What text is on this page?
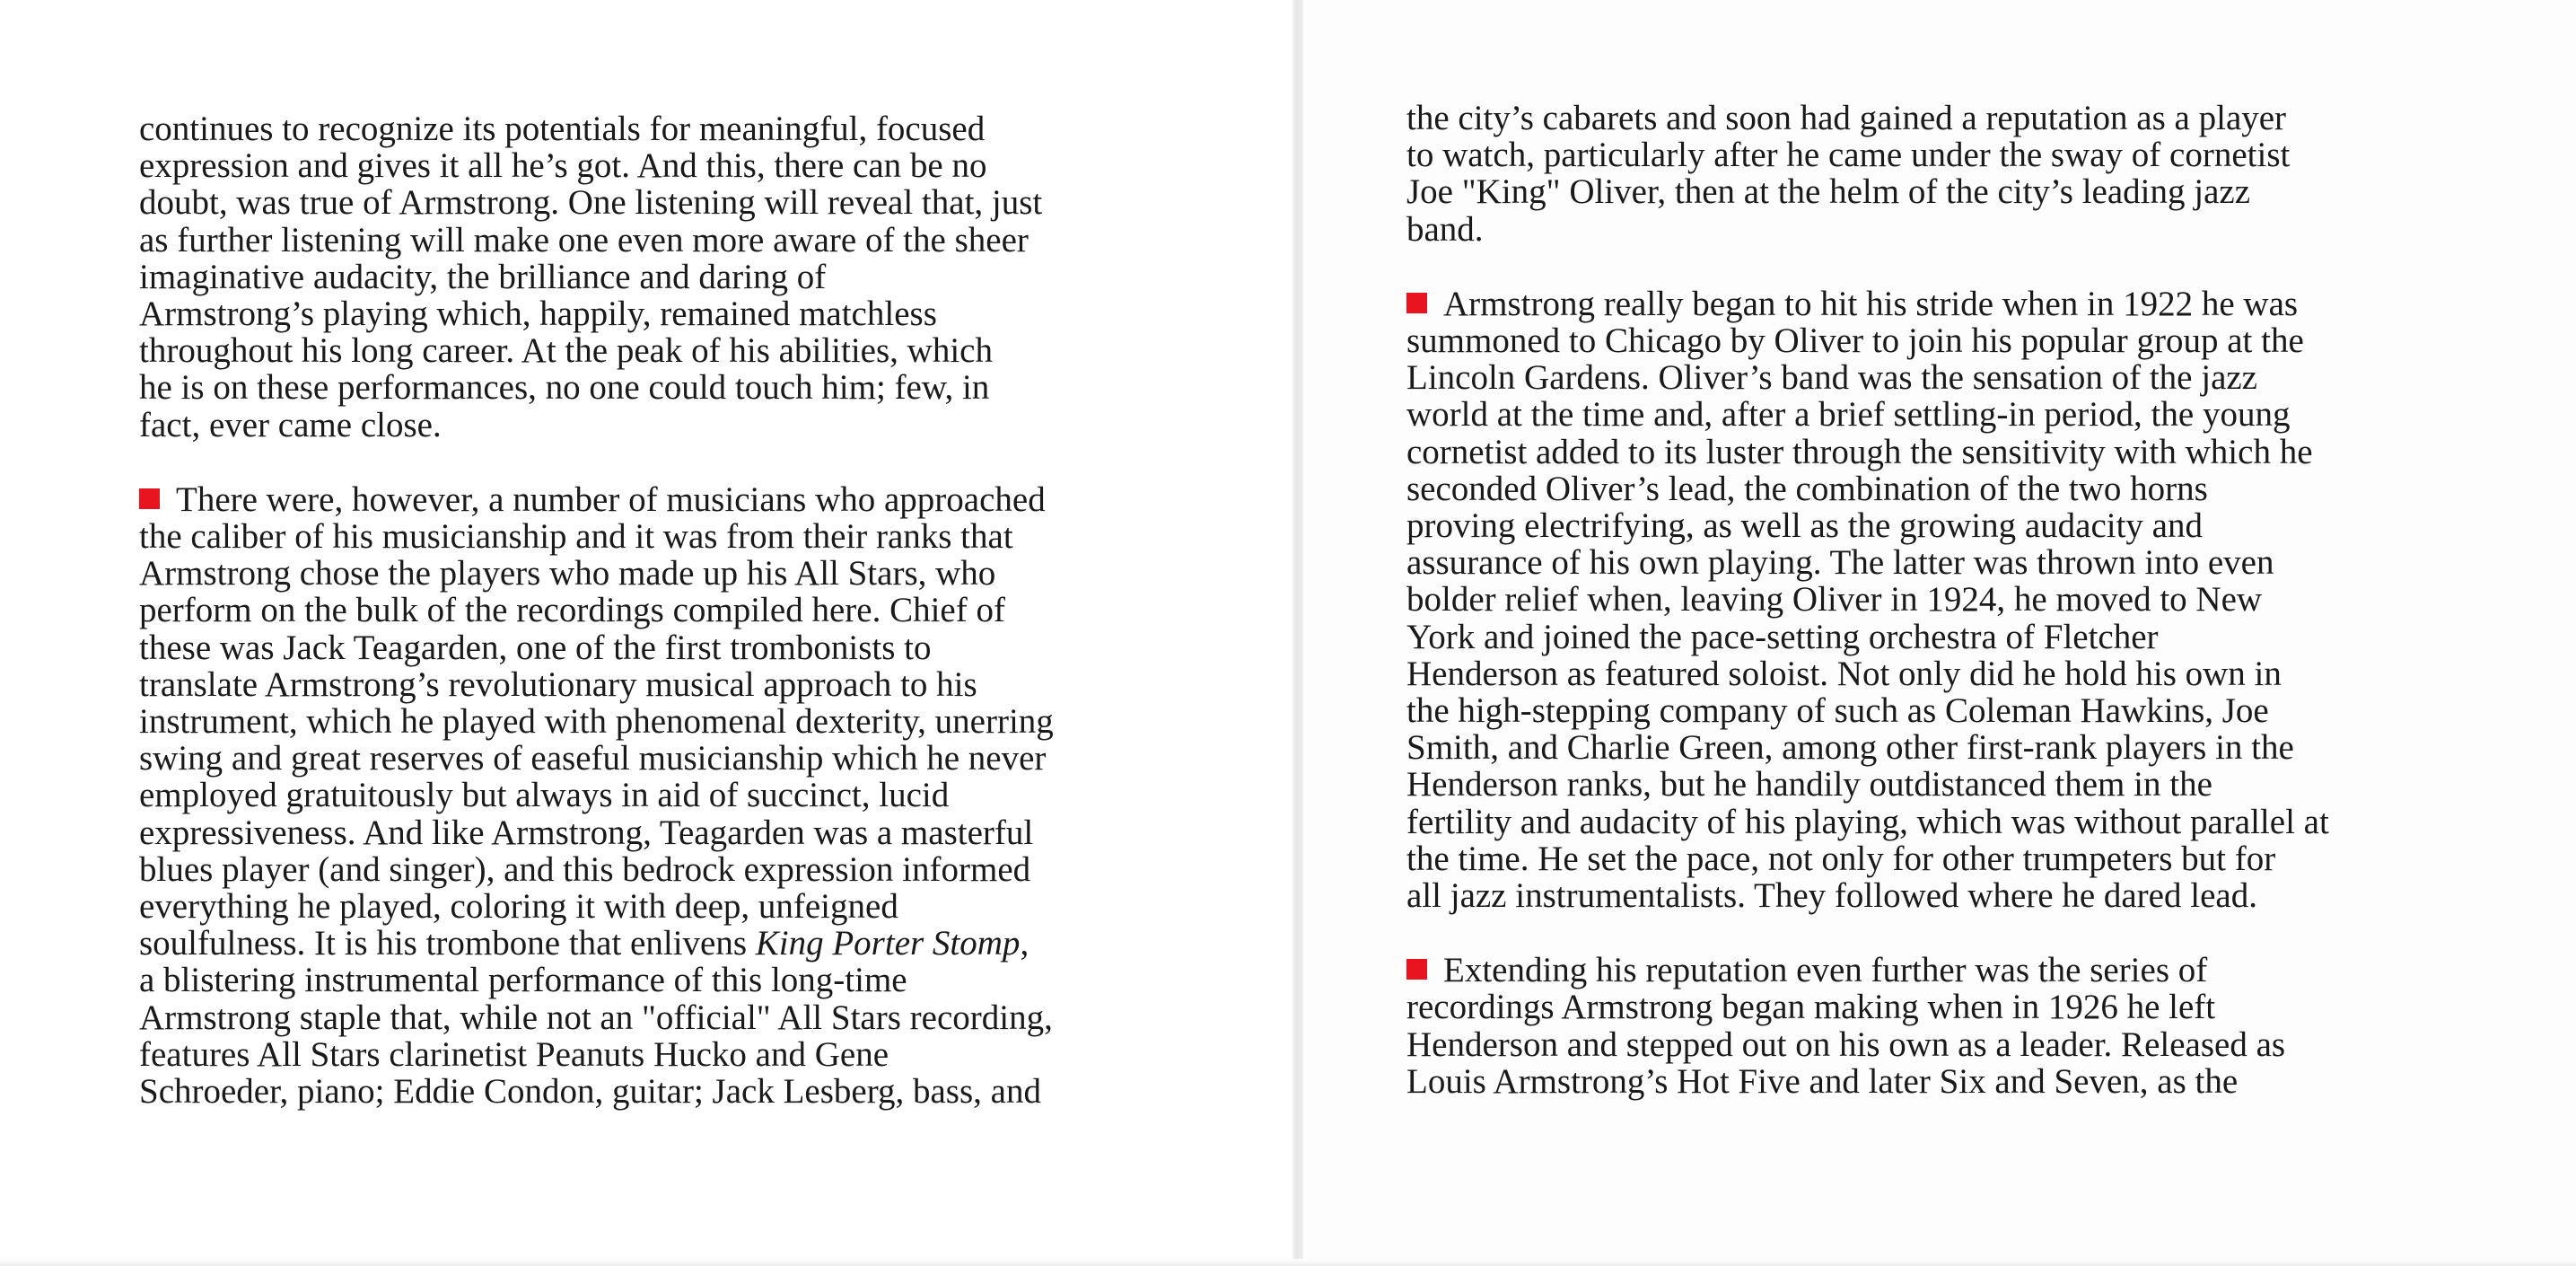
continues to recognize its potentials for meaningful, focused
expression and gives it all he’s got. And this, there can be no
doubt, was true of Armstrong. One listening will reveal that, just
as further listening will make one even more aware of the sheer
imaginative audacity, the brilliance and daring of
Armstrong’s playing which, happily, remained matchless
throughout his long career. At the peak of his abilities, which
he is on these performances, no one could touch him; few, in
fact, ever came close.

There were, however, a number of musicians who approached
the caliber of his musicianship and it was from their ranks that
Armstrong chose the players who made up his All Stars, who
perform on the bulk of the recordings compiled here. Chief of
these was Jack Teagarden, one of the first trombonists to
translate Armstrong’s revolutionary musical approach to his
instrument, which he played with phenomenal dexterity, unerring
swing and great reserves of easeful musicianship which he never
employed gratuitously but always in aid of succinct, lucid
expressiveness. And like Armstrong, Teagarden was a masterful
blues player (and singer), and this bedrock expression informed
everything he played, coloring it with deep, unfeigned
soulfulness. It is his trombone that enlivens King Porter Stomp,
a blistering instrumental performance of this long-time
Armstrong staple that, while not an "official" All Stars recording,
features All Stars clarinetist Peanuts Hucko and Gene
Schroeder, piano; Eddie Condon, guitar; Jack Lesberg, bass, and

the city’s cabarets and soon had gained a reputation as a player
to watch, particularly after he came under the sway of cornetist
Joe "King" Oliver, then at the helm of the city’s leading jazz
band.

Armstrong really began to hit his stride when in 1922 he was
summoned to Chicago by Oliver to join his popular group at the
Lincoln Gardens. Oliver’s band was the sensation of the jazz
world at the time and, after a brief settling-in period, the young
cornetist added to its luster through the sensitivity with which he
seconded Oliver’s lead, the combination of the two horns
proving electrifying, as well as the growing audacity and
assurance of his own playing. The latter was thrown into even
bolder relief when, leaving Oliver in 1924, he moved to New
York and joined the pace-setting orchestra of Fletcher
Henderson as featured soloist. Not only did he hold his own in
the high-stepping company of such as Coleman Hawkins, Joe
Smith, and Charlie Green, among other first-rank players in the
Henderson ranks, but he handily outdistanced them in the
fertility and audacity of his playing, which was without parallel at
the time. He set the pace, not only for other trumpeters but for
all jazz instrumentalists. They followed where he dared lead.

Extending his reputation even further was the series of
recordings Armstrong began making when in 1926 he left
Henderson and stepped out on his own as a leader. Released as
Louis Armstrong’s Hot Five and later Six and Seven, as the
